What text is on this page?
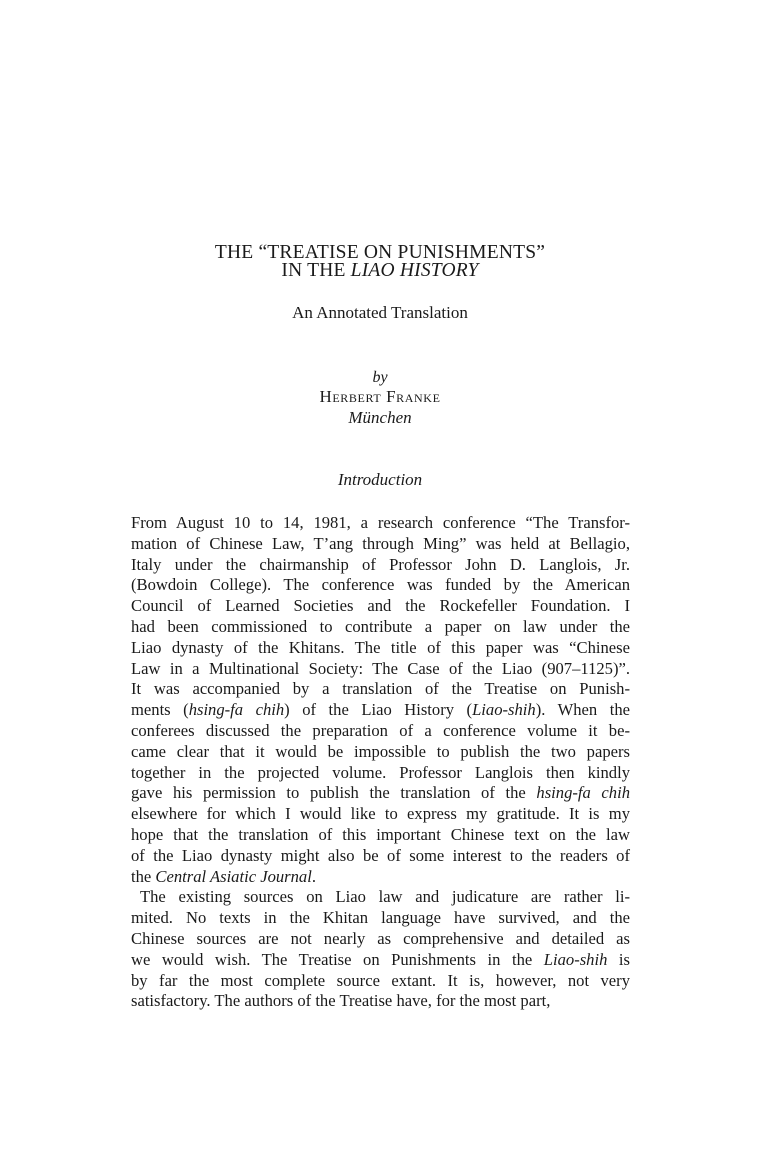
THE “TREATISE ON PUNISHMENTS”
IN THE LIAO HISTORY
An Annotated Translation
by
Herbert Franke
München
Introduction
From August 10 to 14, 1981, a research conference “The Transfor-
mation of Chinese Law, T’ang through Ming” was held at Bellagio,
Italy under the chairmanship of Professor John D. Langlois, Jr.
(Bowdoin College). The conference was funded by the American
Council of Learned Societies and the Rockefeller Foundation. I
had been commissioned to contribute a paper on law under the
Liao dynasty of the Khitans. The title of this paper was “Chinese
Law in a Multinational Society: The Case of the Liao (907–1125)”.
It was accompanied by a translation of the Treatise on Punish-
ments (hsing-fa chih) of the Liao History (Liao-shih). When the
conferees discussed the preparation of a conference volume it be-
came clear that it would be impossible to publish the two papers
together in the projected volume. Professor Langlois then kindly
gave his permission to publish the translation of the hsing-fa chih
elsewhere for which I would like to express my gratitude. It is my
hope that the translation of this important Chinese text on the law
of the Liao dynasty might also be of some interest to the readers of
the Central Asiatic Journal.
The existing sources on Liao law and judicature are rather li-
mited. No texts in the Khitan language have survived, and the
Chinese sources are not nearly as comprehensive and detailed as
we would wish. The Treatise on Punishments in the Liao-shih is
by far the most complete source extant. It is, however, not very
satisfactory. The authors of the Treatise have, for the most part,
